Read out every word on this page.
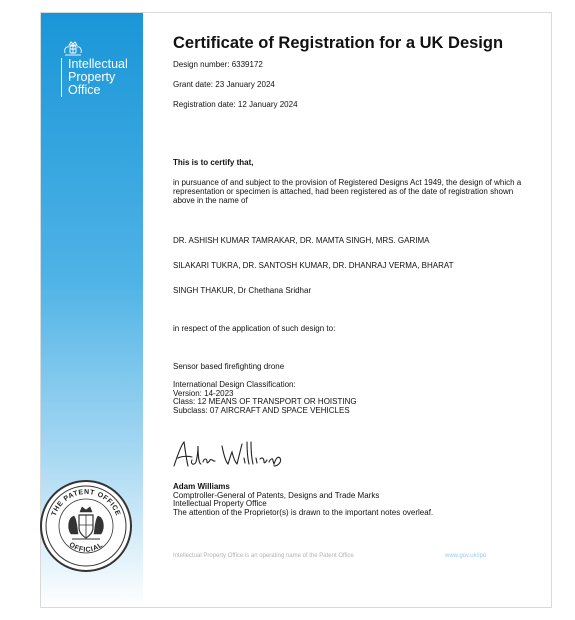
Intellectual
Property
Office
Certificate of Registration for a UK Design
Design number: 6339172
Grant date: 23 January 2024
Registration date: 12 January 2024
This is to certify that,
in pursuance of and subject to the provision of Registered Designs Act 1949, the design of which a representation or specimen is attached, had been registered as of the date of registration shown above in the name of
DR. ASHISH KUMAR TAMRAKAR, DR. MAMTA SINGH, MRS. GARIMA
SILAKARI TUKRA, DR. SANTOSH KUMAR, DR. DHANRAJ VERMA, BHARAT
SINGH THAKUR, Dr Chethana Sridhar
in respect of the application of such design to:
Sensor based firefighting drone
International Design Classification:
Version: 14-2023
Class: 12 MEANS OF TRANSPORT OR HOISTING
Subclass: 07 AIRCRAFT AND SPACE VEHICLES
Adam Williams
Comptroller-General of Patents, Designs and Trade Marks
Intellectual Property Office
The attention of the Proprietor(s) is drawn to the important notes overleaf.
THE PATENT OFFICE
OFFICIAL
Intellectual Property Office is an operating name of the Patent Office	www.gov.uk/ipo
